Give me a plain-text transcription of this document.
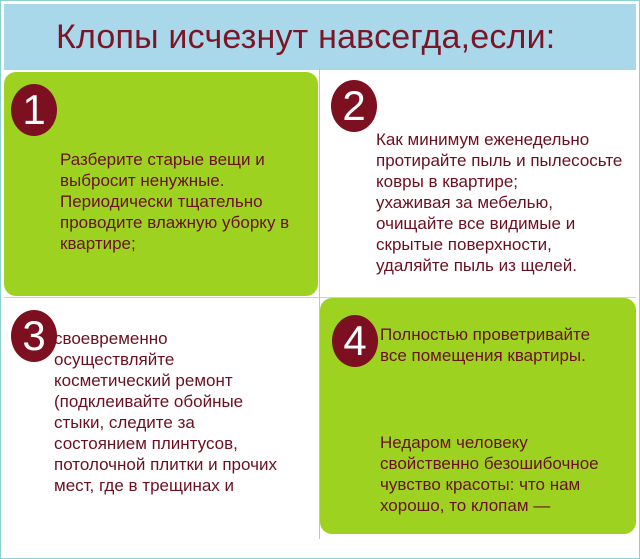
Клопы исчезнут навсегда,если:
1	2
3	4
Разберите старые вещи и
выбросит ненужные.
Периодически тщательно
проводите влажную уборку в
квартире;
Как минимум еженедельно
протирайте пыль и пылесосьте
ковры в квартире;
ухаживая за мебелью,
очищайте все видимые и
скрытые поверхности,
удаляйте пыль из щелей.
своевременно
осуществляйте
косметический ремонт
(подклеивайте обойные
стыки, следите за
состоянием плинтусов,
потолочной плитки и прочих
мест, где в трещинах и
Полностью проветривайте
все помещения квартиры.
Недаром человеку
свойственно безошибочное
чувство красоты: что нам
хорошо, то клопам —
